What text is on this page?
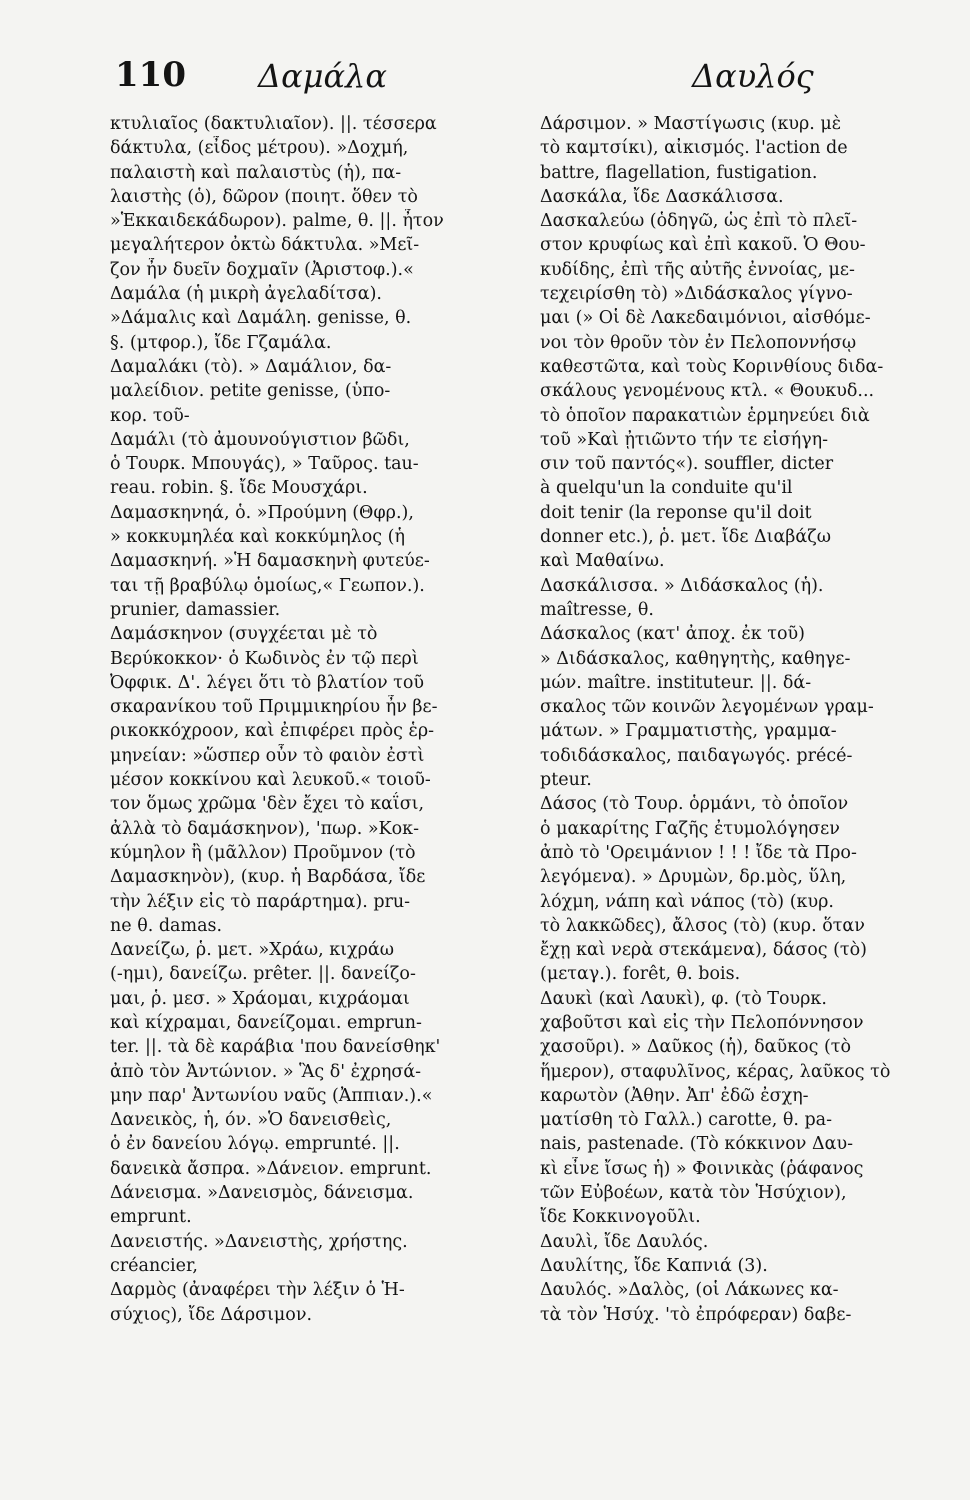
110 Δαμάλα	Δαυλός
κτυλιαῖος (δακτυλιαῖον). ||. τέσσερα
δάκτυλα, (εἶδος μέτρου). »Δοχμή,
παλαιστὴ καὶ παλαιστὺς (ἡ), πα-
λαιστὴς (ὁ), δῶρον (ποιητ. ὅθεν τὸ
»Ἑκκαιδεκάδωρον). palme, θ. ||. ἦτον
μεγαλήτερον ὀκτὼ δάκτυλα. »Μεῖ-
ζον ἦν δυεῖν δοχμαῖν (Ἀριστοφ.).«
Δαμάλα (ἡ μικρὴ ἀγελαδίτσα).
»Δάμαλις καὶ Δαμάλη. genisse, θ.
§. (μτφορ.), ἴδε Γζαμάλα.
Δαμαλάκι (τὸ). » Δαμάλιον, δα-
μαλείδιον. petite genisse, (ὑπο-
κορ. τοῦ-
Δαμάλι (τὸ ἀμουνούγιστιον βῶδι,
ὁ Τουρκ. Μπουγάς), » Ταῦρος. tau-
reau. robin. §. ἴδε Μουσχάρι.
Δαμασκηνηά, ὁ. »Προύμνη (Θφρ.),
» κοκκυμηλέα καὶ κοκκύμηλος (ἡ
Δαμασκηνή. »Ἡ δαμασκηνὴ φυτεύε-
ται τῇ βραβύλῳ ὁμοίως,« Γεωπον.).
prunier, damassier.
Δαμάσκηνον (συγχέεται μὲ τὸ
Βερύκοκκον· ὁ Κωδινὸς ἐν τῷ περὶ
Ὀφφικ. Δ'. λέγει ὅτι τὸ βλατίον τοῦ
σκαρανίκου τοῦ Πριμμικηρίου ἦν βε-
ρικοκκόχροον, καὶ ἐπιφέρει πρὸς ἑρ-
μηνείαν: »ὥσπερ οὖν τὸ φαιὸν ἐστὶ
μέσον κοκκίνου καὶ λευκοῦ.« τοιοῦ-
τον ὅμως χρῶμα 'δὲν ἔχει τὸ καΐσι,
ἀλλὰ τὸ δαμάσκηνον), 'πωρ. »Κοκ-
κύμηλον ἢ (μᾶλλον) Προῦμνον (τὸ
Δαμασκηνὸν), (κυρ. ἡ Βαρδάσα, ἴδε
τὴν λέξιν εἰς τὸ παράρτημα). pru-
ne θ. damas.
Δανείζω, ῥ. μετ. »Χράω, κιχράω
(-ημι), δανείζω. prêter. ||. δανείζο-
μαι, ῥ. μεσ. » Χράομαι, κιχράομαι
καὶ κίχραμαι, δανείζομαι. emprun-
ter. ||. τὰ δὲ καράβια 'που δανείσθηκ'
ἀπὸ τὸν Ἀντώνιον. » Ἃς δ' ἐχρησά-
μην παρ' Ἀντωνίου ναῦς (Ἀππιαν.).«
Δανεικὸς, ἡ, όν. »Ὁ δανεισθεὶς,
ὁ ἐν δανείου λόγῳ. emprunté. ||.
δανεικὰ ἄσπρα. »Δάνειον. emprunt.
Δάνεισμα. »Δανεισμὸς, δάνεισμα.
emprunt.
Δανειστής. »Δανειστὴς, χρήστης.
créancier,
Δαρμὸς (ἀναφέρει τὴν λέξιν ὁ Ἡ-
σύχιος), ἴδε Δάρσιμον.
Δάρσιμον. » Μαστίγωσις (κυρ. μὲ
τὸ καμτσίκι), αἰκισμός. l'action de
battre, flagellation, fustigation.
Δασκάλα, ἴδε Δασκάλισσα.
Δασκαλεύω (ὁδηγῶ, ὡς ἐπὶ τὸ πλεῖ-
στον κρυφίως καὶ ἐπὶ κακοῦ. Ὁ Θου-
κυδίδης, ἐπὶ τῆς αὐτῆς ἐννοίας, με-
τεχειρίσθη τὸ) »Διδάσκαλος γίγνο-
μαι (» Οἱ δὲ Λακεδαιμόνιοι, αἰσθόμε-
νοι τὸν θροῦν τὸν ἐν Πελοποννήσῳ
καθεστῶτα, καὶ τοὺς Κορινθίους διδα-
σκάλους γενομένους κτλ. « Θουκυδ...
τὸ ὁποῖον παρακατιὼν ἑρμηνεύει διὰ
τοῦ »Καὶ ᾐτιῶντο τήν τε εἰσήγη-
σιν τοῦ παντός«). souffler, dicter
à quelqu'un la conduite qu'il
doit tenir (la reponse qu'il doit
donner etc.), ῥ. μετ. ἴδε Διαβάζω
καὶ Μαθαίνω.
Δασκάλισσα. » Διδάσκαλος (ἡ).
maîtresse, θ.
Δάσκαλος (κατ' ἀποχ. ἐκ τοῦ)
» Διδάσκαλος, καθηγητὴς, καθηγε-
μών. maître. instituteur. ||. δά-
σκαλος τῶν κοινῶν λεγομένων γραμ-
μάτων. » Γραμματιστὴς, γραμμα-
τοδιδάσκαλος, παιδαγωγός. précé-
pteur.
Δάσος (τὸ Τουρ. ὁρμάνι, τὸ ὁποῖον
ὁ μακαρίτης Γαζῆς ἐτυμολόγησεν
ἀπὸ τὸ 'Ορειμάνιον ! ! ! ἴδε τὰ Προ-
λεγόμενα). » Δρυμὼν, δρ.μὸς, ὕλη,
λόχμη, νάπη καὶ νάπος (τὸ) (κυρ.
τὸ λακκῶδες), ἄλσος (τὸ) (κυρ. ὅταν
ἔχῃ καὶ νερὰ στεκάμενα), δάσος (τὸ)
(μεταγ.). forêt, θ. bois.
Δαυκὶ (καὶ Λαυκὶ), φ. (τὸ Τουρκ.
χαβοῦτσι καὶ εἰς τὴν Πελοπόννησον
χασοῦρι). » Δαῦκος (ἡ), δαῦκος (τὸ
ἥμερον), σταφυλῖνος, κέρας, λαῦκος τὸ
καρωτὸν (Ἀθην. Ἀπ' ἐδῶ ἐσχη-
ματίσθη τὸ Γαλλ.) carotte, θ. pa-
nais, pastenade. (Τὸ κόκκινον Δαυ-
κὶ εἶνε ἴσως ἡ) » Φοινικὰς (ῥάφανος
τῶν Εὐβοέων, κατὰ τὸν Ἡσύχιον),
ἴδε Κοκκινογοῦλι.
Δαυλὶ, ἴδε Δαυλός.
Δαυλίτης, ἴδε Καπνιά (3).
Δαυλός. »Δαλὸς, (οἱ Λάκωνες κα-
τὰ τὸν Ἡσύχ. 'τὸ ἐπρόφεραν) δαβε-
